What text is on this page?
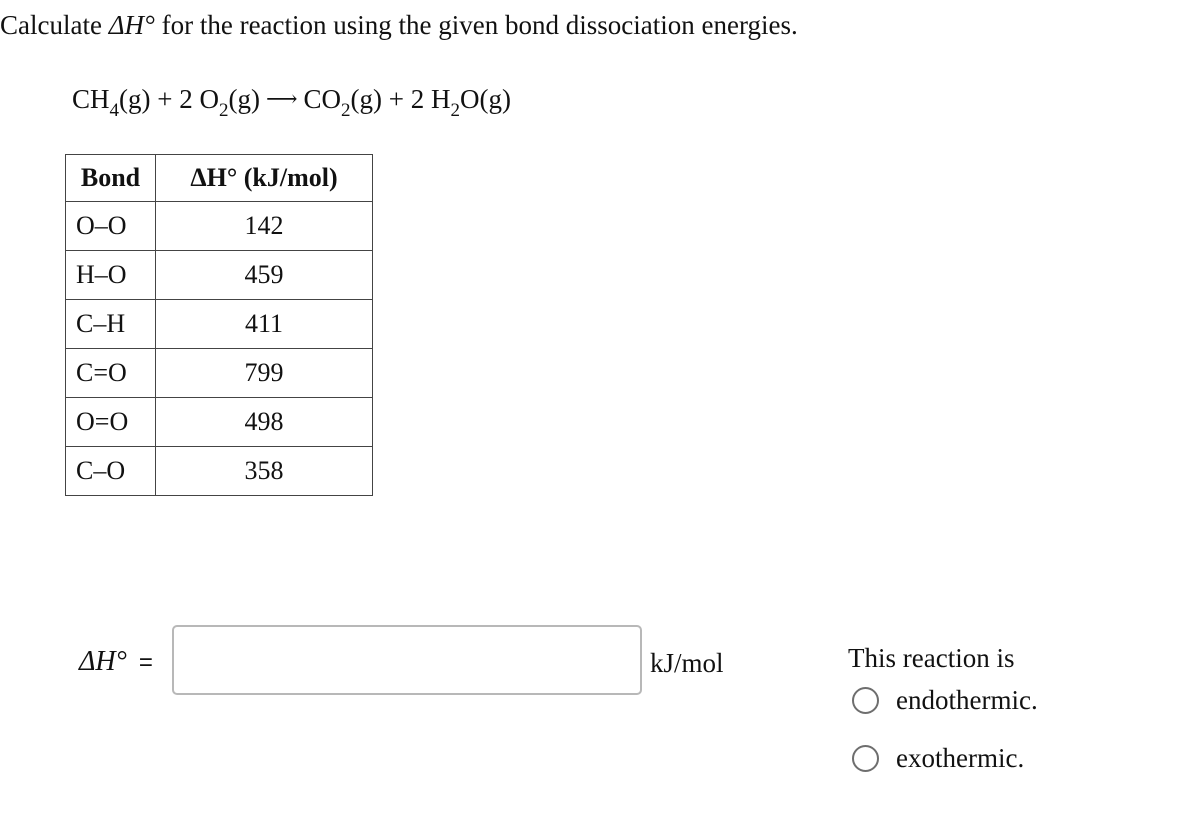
Calculate ΔH° for the reaction using the given bond dissociation energies.
$CH_4(g) + 2$ $O_2(g)$ ⟶ $CO_2(g) + 2$ $H_2O(g)$
Bond	ΔH° (kJ/mol)
O–O	142
H–O	459
C–H	411
C=O	799
O=O	498
C–O	358
ΔH° =	kJ/mol	This reaction is
endothermic.
exothermic.
